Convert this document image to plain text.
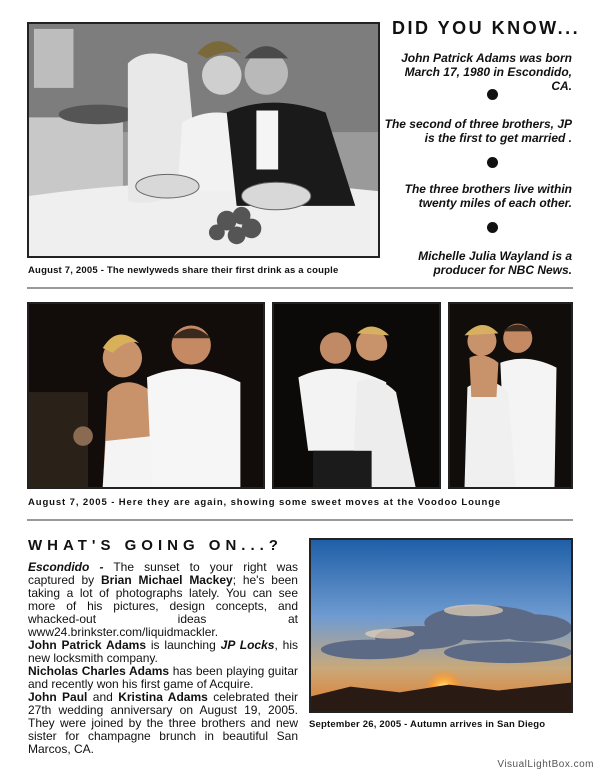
August 7, 2005 - The newlyweds share their first drink as a couple
DID YOU KNOW...
John Patrick Adams was born March 17, 1980 in Escondido, CA.
The second of three brothers, JP is the first to get married .
The three brothers live within twenty miles of each other.
Michelle Julia Wayland is a producer for NBC News.
August 7, 2005 - Here they are again, showing some sweet moves at the Voodoo Lounge
WHAT'S GOING ON...?

Escondido - The sunset to your right was captured by Brian Michael Mackey; he's been taking a lot of photographs lately. You can see more of his pictures, design concepts, and whacked-out ideas at www24.brinkster.com/liquidmackler.

John Patrick Adams is launching JP Locks, his new locksmith company.

Nicholas Charles Adams has been playing guitar and recently won his first game of Acquire.

John Paul and Kristina Adams celebrated their 27th wedding anniversary on August 19, 2005. They were joined by the three brothers and new sister for champagne brunch in beautiful San Marcos, CA.

September 26, 2005 - Autumn arrives in San Diego
VisualLightBox.com
